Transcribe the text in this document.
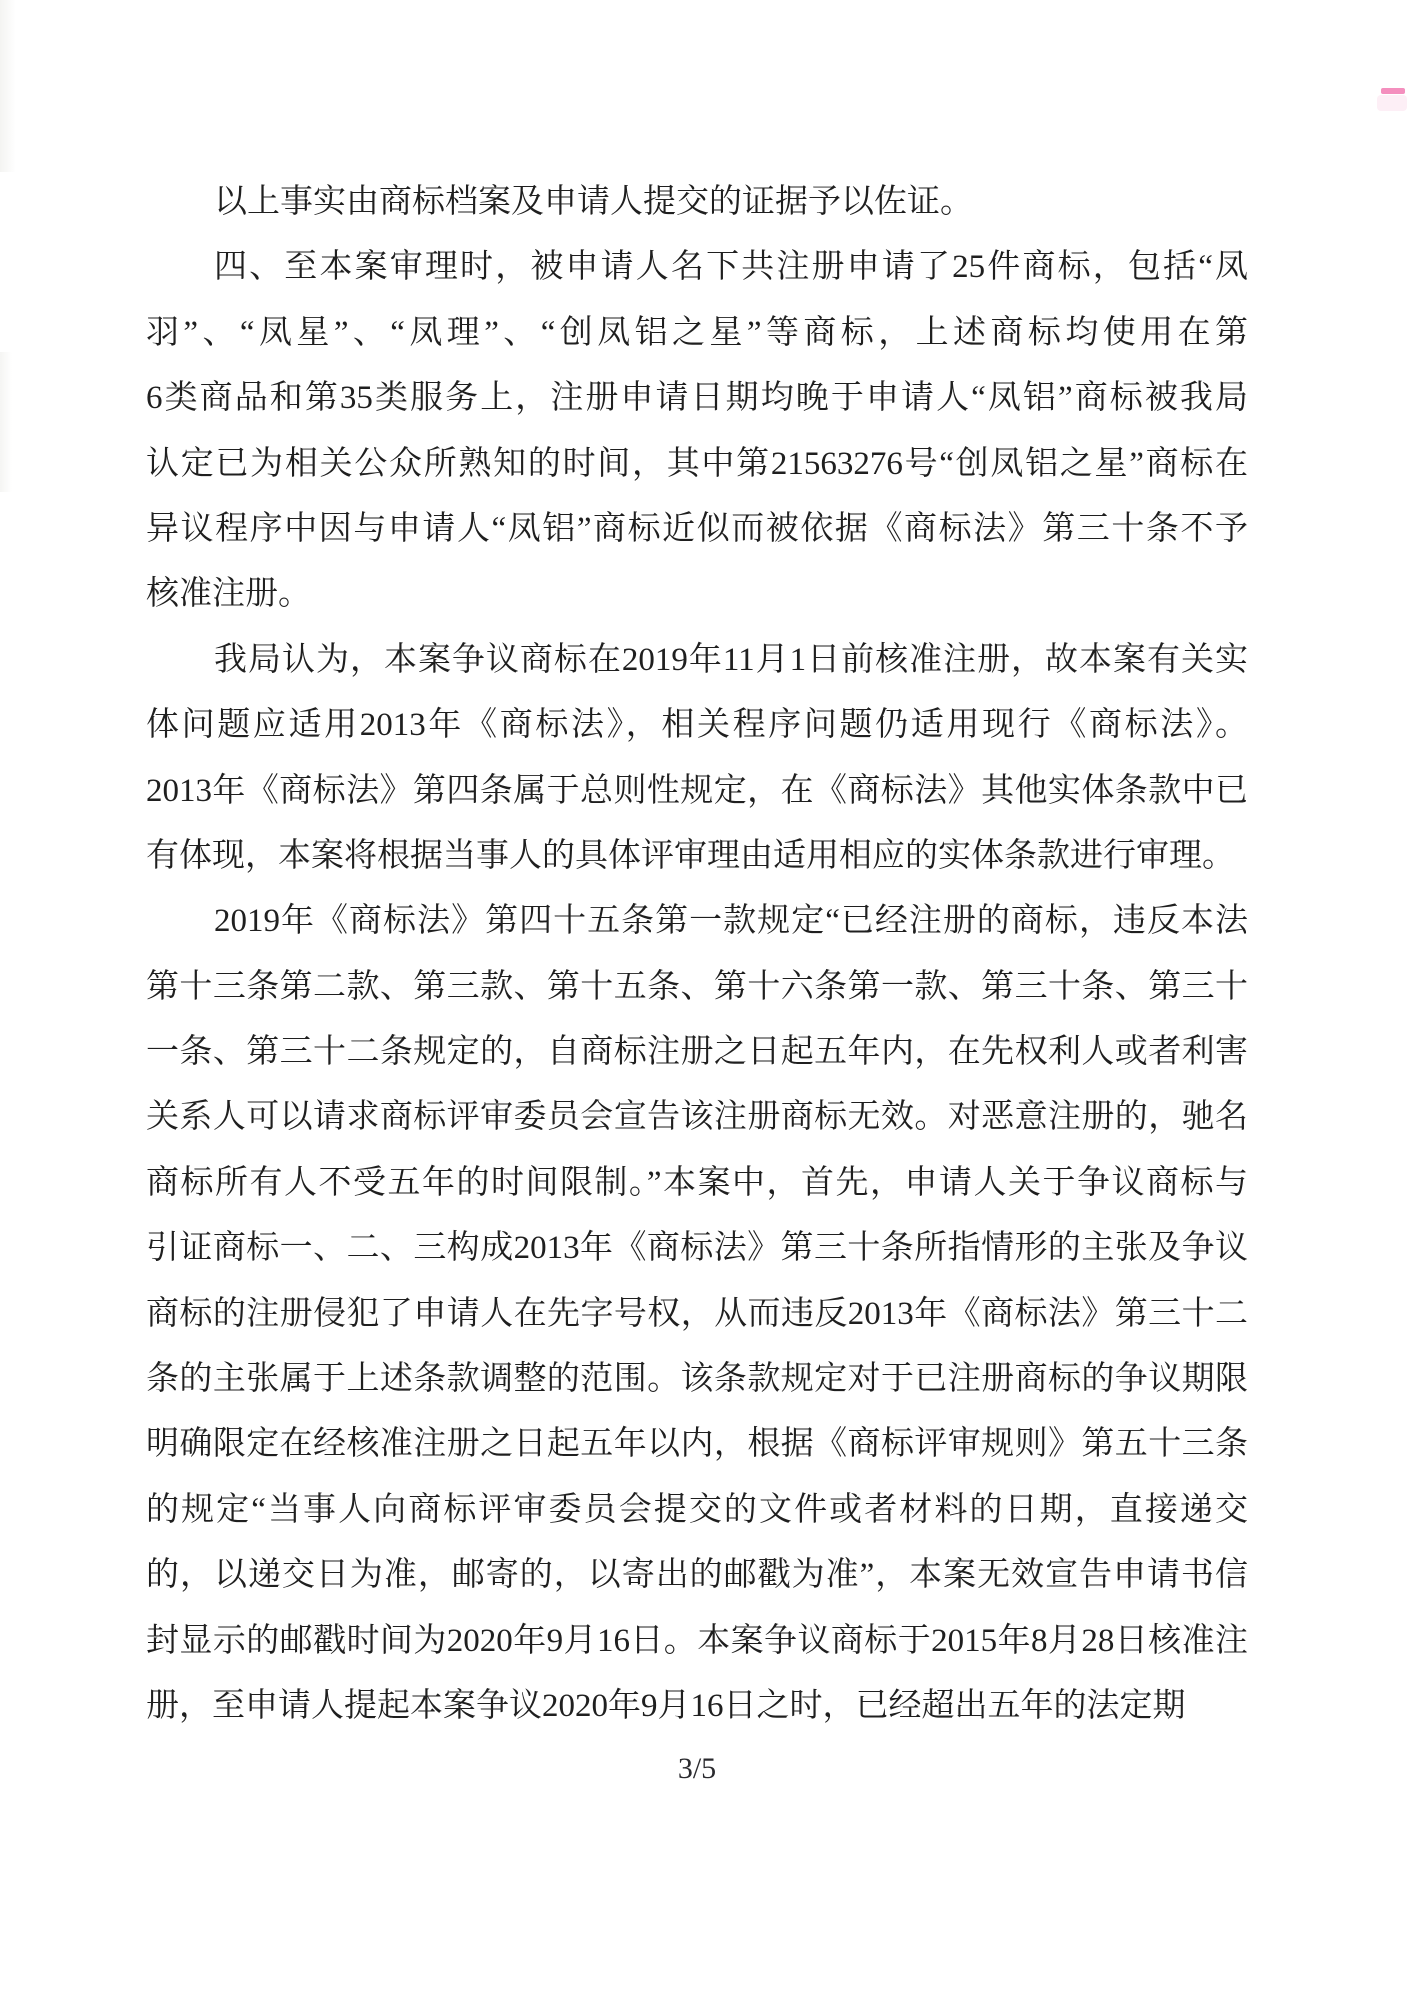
以上事实由商标档案及申请人提交的证据予以佐证。
四、至本案审理时，被申请人名下共注册申请了25件商标，包括“凤
羽”、“凤星”、“凤理”、“创凤铝之星”等商标，上述商标均使用在第
6类商品和第35类服务上，注册申请日期均晚于申请人“凤铝”商标被我局
认定已为相关公众所熟知的时间，其中第21563276号“创凤铝之星”商标在
异议程序中因与申请人“凤铝”商标近似而被依据《商标法》第三十条不予
核准注册。
我局认为，本案争议商标在2019年11月1日前核准注册，故本案有关实
体问题应适用2013年《商标法》，相关程序问题仍适用现行《商标法》。
2013年《商标法》第四条属于总则性规定，在《商标法》其他实体条款中已
有体现，本案将根据当事人的具体评审理由适用相应的实体条款进行审理。
2019年《商标法》第四十五条第一款规定“已经注册的商标，违反本法
第十三条第二款、第三款、第十五条、第十六条第一款、第三十条、第三十
一条、第三十二条规定的，自商标注册之日起五年内，在先权利人或者利害
关系人可以请求商标评审委员会宣告该注册商标无效。对恶意注册的，驰名
商标所有人不受五年的时间限制。”本案中，首先，申请人关于争议商标与
引证商标一、二、三构成2013年《商标法》第三十条所指情形的主张及争议
商标的注册侵犯了申请人在先字号权，从而违反2013年《商标法》第三十二
条的主张属于上述条款调整的范围。该条款规定对于已注册商标的争议期限
明确限定在经核准注册之日起五年以内，根据《商标评审规则》第五十三条
的规定“当事人向商标评审委员会提交的文件或者材料的日期，直接递交
的，以递交日为准，邮寄的，以寄出的邮戳为准”，本案无效宣告申请书信
封显示的邮戳时间为2020年9月16日。本案争议商标于2015年8月28日核准注
册，至申请人提起本案争议2020年9月16日之时，已经超出五年的法定期
3/5
